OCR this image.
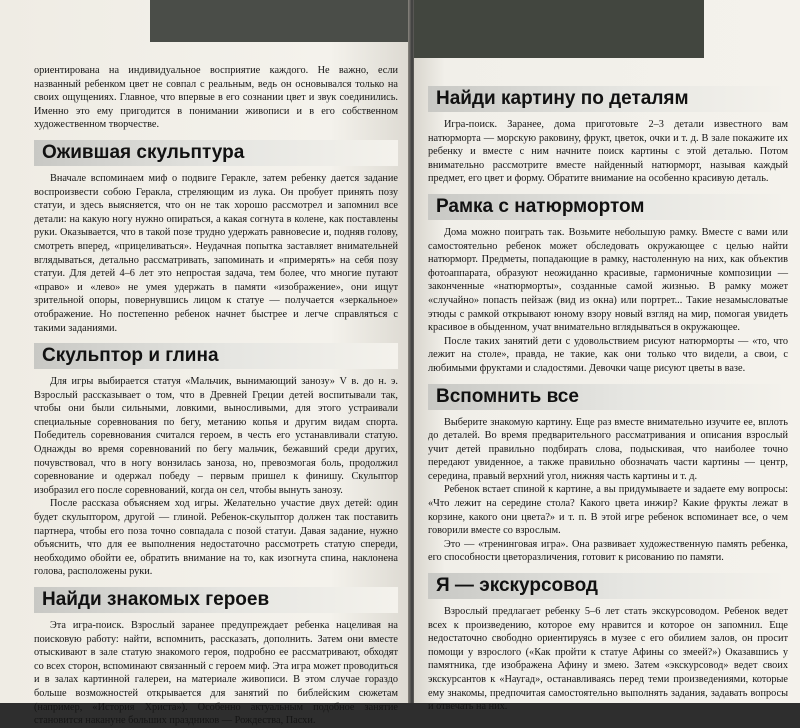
ориентирована на индивидуальное восприятие каждого. Не важно, если названный ребенком цвет не совпал с реальным, ведь он основывался только на своих ощущениях. Главное, что впервые в его сознании цвет и звук соединились. Именно это ему пригодится в понимании живописи и в его собственном художественном творчестве.

Ожившая скульптура

Вначале вспоминаем миф о подвиге Геракле, затем ребенку дается задание воспроизвести собою Геракла, стреляющим из лука. Он пробует принять позу статуи, и здесь выясняется, что он не так хорошо рассмотрел и запомнил все детали: на какую ногу нужно опираться, а какая согнута в колене, как поставлены руки. Оказывается, что в такой позе трудно удержать равновесие и, подняв голову, смотреть вперед, «прицеливаться». Неудачная попытка заставляет внимательней вглядываться, детально рассматривать, запоминать и «примерять» на себя позу статуи. Для детей 4–6 лет это непростая задача, тем более, что многие путают «право» и «лево» не умея удержать в памяти «изображение», они ищут зрительной опоры, повернувшись лицом к статуе — получается «зеркальное» отображение. Но постепенно ребенок начнет быстрее и легче справляться с такими заданиями.

Скульптор и глина

Для игры выбирается статуя «Мальчик, вынимающий занозу» V в. до н. э. Взрослый рассказывает о том, что в Древней Греции детей воспитывали так, чтобы они были сильными, ловкими, выносливыми, для этого устраивали специальные соревнования по бегу, метанию копья и другим видам спорта. Победитель соревнования считался героем, в честь его устанавливали статую. Однажды во время соревнований по бегу мальчик, бежавший среди других, почувствовал, что в ногу вонзилась заноза, но, превозмогая боль, продолжил соревнование и одержал победу – первым пришел к финишу. Скульптор изобразил его после соревнований, когда он сел, чтобы вынуть занозу.

После рассказа объясняем ход игры. Желательно участие двух детей: один будет скульптором, другой — глиной. Ребенок-скульптор должен так поставить партнера, чтобы его поза точно совпадала с позой статуи. Давая задание, нужно объяснить, что для ее выполнения недостаточно рассмотреть статую спереди, необходимо обойти ее, обратить внимание на то, как изогнута спина, наклонена голова, расположены руки.

Найди знакомых героев

Эта игра-поиск. Взрослый заранее предупреждает ребенка нацеливая на поисковую работу: найти, вспомнить, рассказать, дополнить. Затем они вместе отыскивают в зале статую знакомого героя, подробно ее рассматривают, обходят со всех сторон, вспоминают связанный с героем миф. Эта игра может проводиться и в залах картинной галереи, на материале живописи. В этом случае гораздо больше возможностей открывается для занятий по библейским сюжетам (например, «История Христа»). Особенно актуальным подобное занятие становится накануне больших праздников — Рождества, Пасхи.

Найди картину по деталям

Игра-поиск. Заранее, дома приготовьте 2–3 детали известного вам натюрморта — морскую раковину, фрукт, цветок, очки и т. д. В зале покажите их ребенку и вместе с ним начните поиск картины с этой деталью. Потом внимательно рассмотрите вместе найденный натюрморт, называя каждый предмет, его цвет и форму. Обратите внимание на особенно красивую деталь.

Рамка с натюрмортом

Дома можно поиграть так. Возьмите небольшую рамку. Вместе с вами или самостоятельно ребенок может обследовать окружающее с целью найти натюрморт. Предметы, попадающие в рамку, настоленную на них, как объектив фотоаппарата, образуют неожиданно красивые, гармоничные композиции — законченные «натюрморты», созданные самой жизнью. В рамку может «случайно» попасть пейзаж (вид из окна) или портрет... Такие незамысловатые этюды с рамкой открывают юному взору новый взгляд на мир, помогая увидеть красивое в обыденном, учат внимательно вглядываться в окружающее.

После таких занятий дети с удовольствием рисуют натюрморты — «то, что лежит на столе», правда, не такие, как они только что видели, а свои, с любимыми фруктами и сладостями. Девочки чаще рисуют цветы в вазе.

Вспомнить все

Выберите знакомую картину. Еще раз вместе внимательно изучите ее, вплоть до деталей. Во время предварительного рассматривания и описания взрослый учит детей правильно подбирать слова, подыскивая, что наиболее точно передают увиденное, а также правильно обозначать части картины — центр, середина, правый верхний угол, нижняя часть картины и т. д.

Ребенок встает спиной к картине, а вы придумываете и задаете ему вопросы: «Что лежит на середине стола? Какого цвета инжир? Какие фрукты лежат в корзине, какого они цвета?» и т. п. В этой игре ребенок вспоминает все, о чем говорили вместе со взрослым.

Это — «тренинговая игра». Она развивает художественную память ребенка, его способности цветоразличения, готовит к рисованию по памяти.

Я — экскурсовод

Взрослый предлагает ребенку 5–6 лет стать экскурсоводом. Ребенок ведет всех к произведению, которое ему нравится и которое он запомнил. Еще недостаточно свободно ориентируясь в музее с его обилием залов, он просит помощи у взрослого («Как пройти к статуе Афины со змеей?») Оказавшись у памятника, где изображена Афину и змею. Затем «экскурсовод» ведет своих экскурсантов к «Наугад», останавливаясь перед теми произведениями, которые ему знакомы, предпочитая самостоятельно выполнять задания, задавать вопросы и отвечать на них.
